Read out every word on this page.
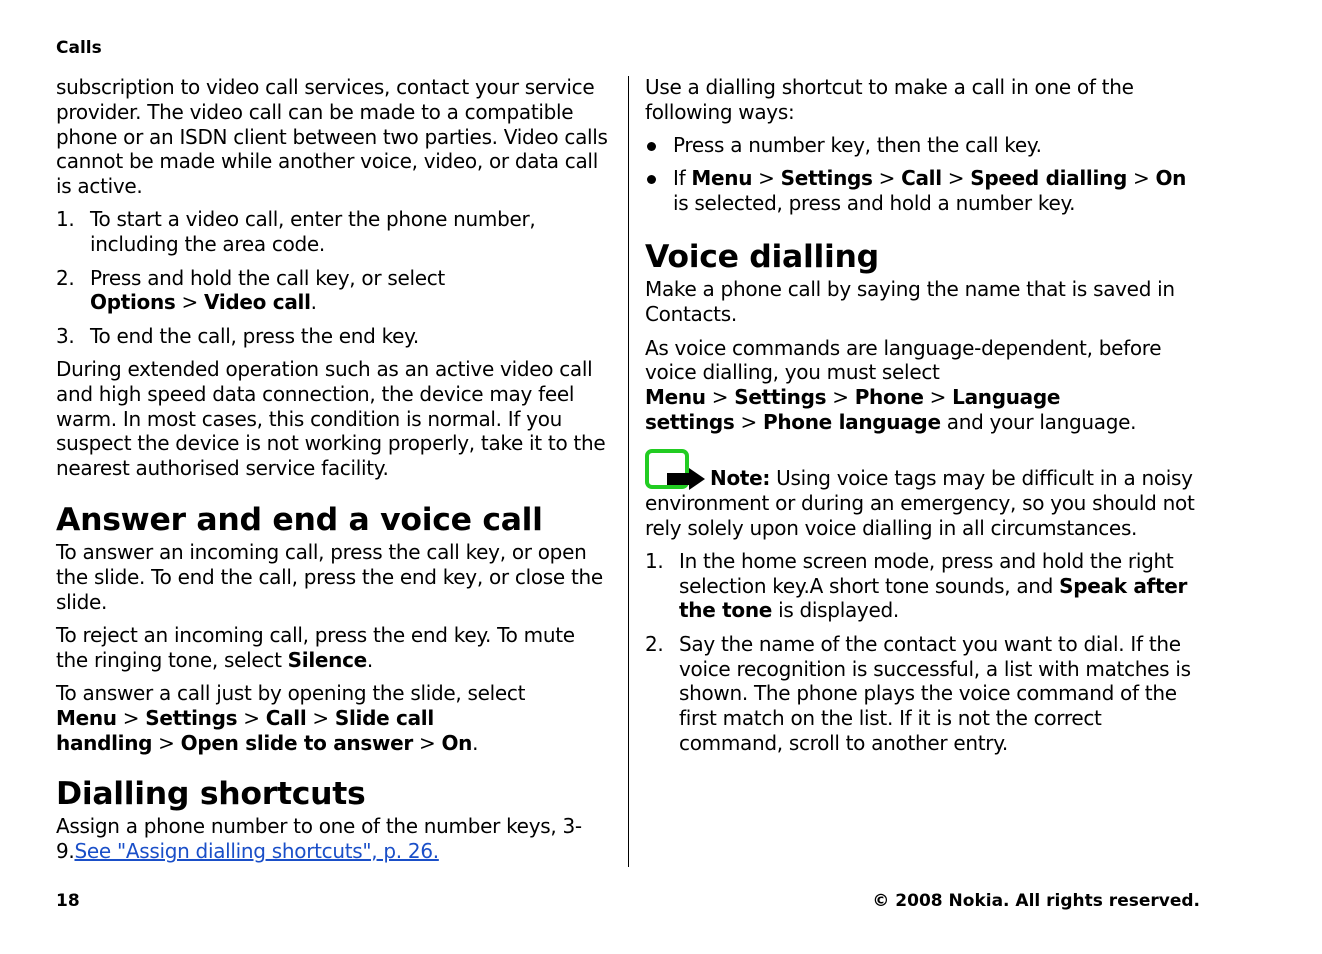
Calls

subscription to video call services, contact your service provider. The video call can be made to a compatible phone or an ISDN client between two parties. Video calls cannot be made while another voice, video, or data call is active.

1. To start a video call, enter the phone number, including the area code.
2. Press and hold the call key, or select Options > Video call.
3. To end the call, press the end key.

During extended operation such as an active video call and high speed data connection, the device may feel warm. In most cases, this condition is normal. If you suspect the device is not working properly, take it to the nearest authorised service facility.

Answer and end a voice call

To answer an incoming call, press the call key, or open the slide. To end the call, press the end key, or close the slide.

To reject an incoming call, press the end key. To mute the ringing tone, select Silence.

To answer a call just by opening the slide, select Menu > Settings > Call > Slide call handling > Open slide to answer > On.

Dialling shortcuts

Assign a phone number to one of the number keys, 3-9.See "Assign dialling shortcuts", p. 26.

Use a dialling shortcut to make a call in one of the following ways:

Press a number key, then the call key.
If Menu > Settings > Call > Speed dialling > On
is selected, press and hold a number key.
Voice dialling

Make a phone call by saying the name that is saved in Contacts.

As voice commands are language-dependent, before voice dialling, you must select Menu > Settings > Phone > Language settings > Phone language and your language.

Note: Using voice tags may be difficult in a noisy environment or during an emergency, so you should not rely solely upon voice dialling in all circumstances.

1. In the home screen mode, press and hold the right selection key.A short tone sounds, and Speak after the tone is displayed.
2. Say the name of the contact you want to dial. If the voice recognition is successful, a list with matches is shown. The phone plays the voice command of the first match on the list. If it is not the correct command, scroll to another entry.
18	© 2008 Nokia. All rights reserved.
